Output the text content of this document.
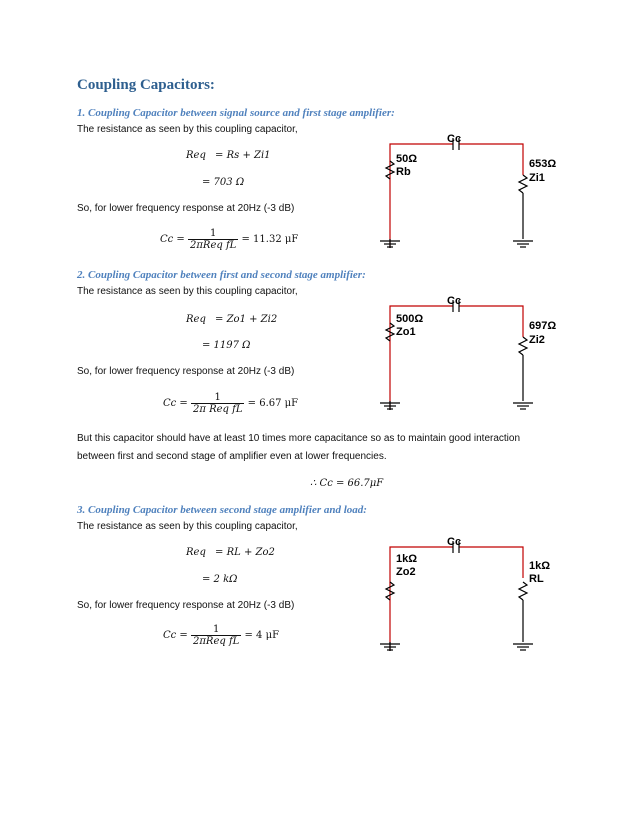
Coupling Capacitors:
1. Coupling Capacitor between signal source and first stage amplifier:
The resistance as seen by this coupling capacitor,
Req = Rs + Zi1
= 703 Ω
So, for lower frequency response at 20Hz (-3 dB)
$Cc = \frac{1}{\text{2πReq fL}} = 11.32$ μF
Cc
50Ω
Rb
653Ω
Zi1
2. Coupling Capacitor between first and second stage amplifier:
The resistance as seen by this coupling capacitor,
Req = Zo1 + Zi2
= 1197 Ω
So, for lower frequency response at 20Hz (-3 dB)
$Cc = \frac{1}{\text{2π Req fL}} = 6.67$ μF
Cc
500Ω
Zo1	697Ω
Zi2
But this capacitor should have at least 10 times more capacitance so as to maintain good interaction
between first and second stage of amplifier even at lower frequencies.
∴ Cc = 66.7μF
3. Coupling Capacitor between second stage amplifier and load:
The resistance as seen by this coupling capacitor,
Req = RL + Zo2
= 2 kΩ
So, for lower frequency response at 20Hz (-3 dB)
$Cc = \frac{1}{\text{2πReq fL}} = 4$ μF
Cc
1kΩ
Zo2	1kΩ
RL
